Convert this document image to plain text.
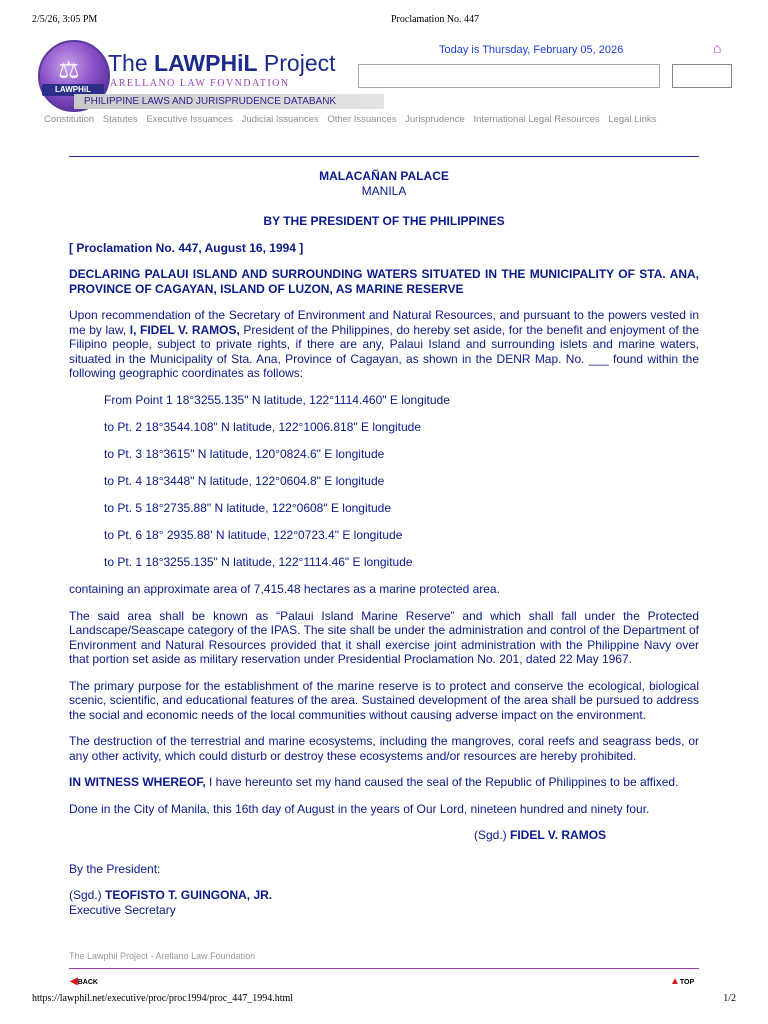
2/5/26, 3:05 PM	Proclamation No. 447
⚖
LAWPHiL
The LAWPHiL Project
ARELLANO LAW FOVNDATION
PHILIPPINE LAWS AND JURISPRUDENCE DATABANK
Today is Thursday, February 05, 2026	⌂
Constitution Statutes Executive Issuances Judicial Issuances Other Issuances Jurisprudence International Legal Resources Legal Links
MALACAÑAN PALACE
MANILA
BY THE PRESIDENT OF THE PHILIPPINES
[ Proclamation No. 447, August 16, 1994 ]

DECLARING PALAUI ISLAND AND SURROUNDING WATERS SITUATED IN THE MUNICIPALITY OF STA. ANA, PROVINCE OF CAGAYAN, ISLAND OF LUZON, AS MARINE RESERVE

Upon recommendation of the Secretary of Environment and Natural Resources, and pursuant to the powers vested in me by law, I, FIDEL V. RAMOS, President of the Philippines, do hereby set aside, for the benefit and enjoyment of the Filipino people, subject to private rights, if there are any, Palaui Island and surrounding islets and marine waters, situated in the Municipality of Sta. Ana, Province of Cagayan, as shown in the DENR Map. No. ___ found within the following geographic coordinates as follows:

From Point 1 18°3255.135" N latitude, 122°1114.460" E longitude

to Pt. 2 18°3544.108" N latitude, 122°1006.818" E longitude

to Pt. 3 18°3615" N latitude, 120°0824.6" E longitude

to Pt. 4 18°3448" N latitude, 122°0604.8" E longitude

to Pt. 5 18°2735.88" N latitude, 122°0608" E longitude

to Pt. 6 18° 2935.88' N latitude, 122°0723.4" E longitude

to Pt. 1 18°3255.135" N latitude, 122°1114.46" E longitude

containing an approximate area of 7,415.48 hectares as a marine protected area.

The said area shall be known as “Palaui Island Marine Reserve” and which shall fall under the Protected Landscape/Seascape category of the IPAS. The site shall be under the administration and control of the Department of Environment and Natural Resources provided that it shall exercise joint administration with the Philippine Navy over that portion set aside as military reservation under Presidential Proclamation No. 201, dated 22 May 1967.

The primary purpose for the establishment of the marine reserve is to protect and conserve the ecological, biological scenic, scientific, and educational features of the area. Sustained development of the area shall be pursued to address the social and economic needs of the local communities without causing adverse impact on the environment.

The destruction of the terrestrial and marine ecosystems, including the mangroves, coral reefs and seagrass beds, or any other activity, which could disturb or destroy these ecosystems and/or resources are hereby prohibited.

IN WITNESS WHEREOF, I have hereunto set my hand caused the seal of the Republic of Philippines to be affixed.

Done in the City of Manila, this 16th day of August in the years of Our Lord, nineteen hundred and ninety four.

(Sgd.) FIDEL V. RAMOS
By the President:
(Sgd.) TEOFISTO T. GUINGONA, JR.
Executive Secretary
The Lawphil Project - Arellano Law Foundation
◀BACK	▲TOP
https://lawphil.net/executive/proc/proc1994/proc_447_1994.html	1/2
